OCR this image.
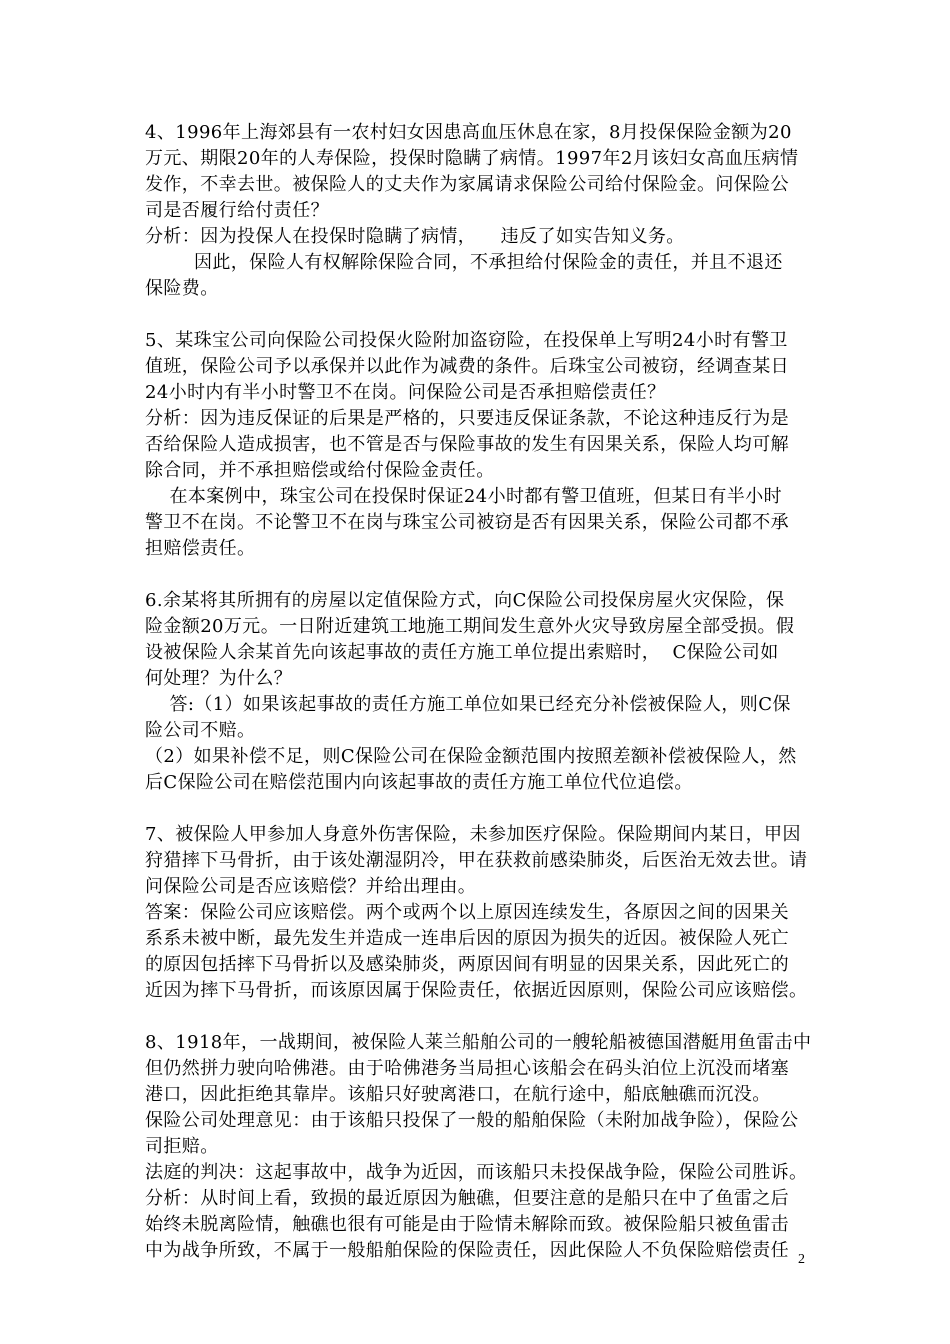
4、1996年上海郊县有一农村妇女因患高血压休息在家，8月投保保险金额为20
万元、期限20年的人寿保险，投保时隐瞒了病情。1997年2月该妇女高血压病情
发作，不幸去世。被保险人的丈夫作为家属请求保险公司给付保险金。问保险公
司是否履行给付责任？
分析：因为投保人在投保时隐瞒了病情，    违反了如实告知义务。
因此，保险人有权解除保险合同，不承担给付保险金的责任，并且不退还
保险费。
5、某珠宝公司向保险公司投保火险附加盗窃险，在投保单上写明24小时有警卫
值班，保险公司予以承保并以此作为减费的条件。后珠宝公司被窃，经调查某日
24小时内有半小时警卫不在岗。问保险公司是否承担赔偿责任？
分析：因为违反保证的后果是严格的，只要违反保证条款，不论这种违反行为是
否给保险人造成损害，也不管是否与保险事故的发生有因果关系，保险人均可解
除合同，并不承担赔偿或给付保险金责任。
在本案例中，珠宝公司在投保时保证24小时都有警卫值班，但某日有半小时
警卫不在岗。不论警卫不在岗与珠宝公司被窃是否有因果关系，保险公司都不承
担赔偿责任。
6.余某将其所拥有的房屋以定值保险方式，向C保险公司投保房屋火灾保险，保
险金额20万元。一日附近建筑工地施工期间发生意外火灾导致房屋全部受损。假
设被保险人余某首先向该起事故的责任方施工单位提出索赔时，  C保险公司如
何处理？为什么？
答:（1）如果该起事故的责任方施工单位如果已经充分补偿被保险人，则C保
险公司不赔。
（2）如果补偿不足，则C保险公司在保险金额范围内按照差额补偿被保险人，然
后C保险公司在赔偿范围内向该起事故的责任方施工单位代位追偿。
7、被保险人甲参加人身意外伤害保险，未参加医疗保险。保险期间内某日，甲因
狩猎摔下马骨折，由于该处潮湿阴冷，甲在获救前感染肺炎，后医治无效去世。请
问保险公司是否应该赔偿？并给出理由。
答案：保险公司应该赔偿。两个或两个以上原因连续发生，各原因之间的因果关
系系未被中断，最先发生并造成一连串后因的原因为损失的近因。被保险人死亡
的原因包括摔下马骨折以及感染肺炎，两原因间有明显的因果关系，因此死亡的
近因为摔下马骨折，而该原因属于保险责任，依据近因原则，保险公司应该赔偿。
8、1918年，一战期间，被保险人莱兰船舶公司的一艘轮船被德国潜艇用鱼雷击中
但仍然拼力驶向哈佛港。由于哈佛港务当局担心该船会在码头泊位上沉没而堵塞
港口，因此拒绝其靠岸。该船只好驶离港口，在航行途中，船底触礁而沉没。
保险公司处理意见：由于该船只投保了一般的船舶保险（未附加战争险），保险公
司拒赔。
法庭的判决：这起事故中，战争为近因，而该船只未投保战争险，保险公司胜诉。
分析：从时间上看，致损的最近原因为触礁，但要注意的是船只在中了鱼雷之后
始终未脱离险情，触礁也很有可能是由于险情未解除而致。被保险船只被鱼雷击
中为战争所致，不属于一般船舶保险的保险责任，因此保险人不负保险赔偿责任 2
